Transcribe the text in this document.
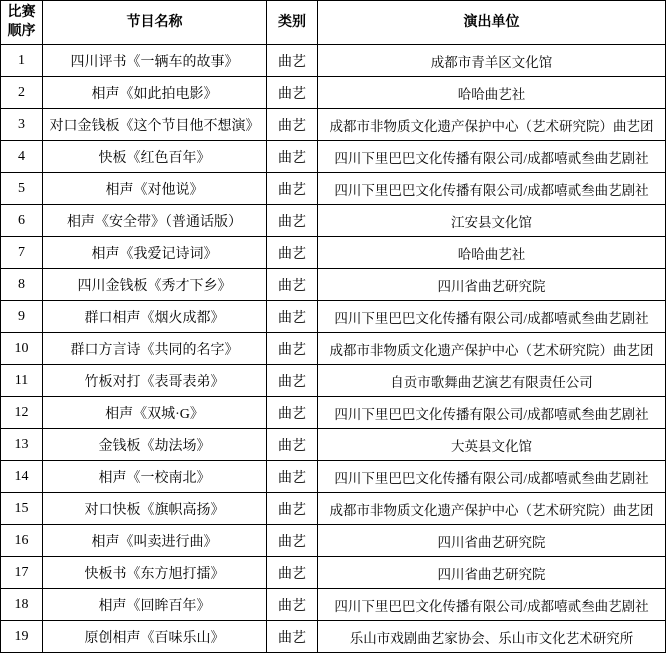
比赛顺序	节目名称	类别	演出单位
1	四川评书《一辆车的故事》	曲艺	成都市青羊区文化馆
2	相声《如此拍电影》	曲艺	哈哈曲艺社
3	对口金钱板《这个节目他不想演》	曲艺	成都市非物质文化遗产保护中心（艺术研究院）曲艺团
4	快板《红色百年》	曲艺	四川下里巴巴文化传播有限公司/成都嘻贰叁曲艺剧社
5	相声《对他说》	曲艺	四川下里巴巴文化传播有限公司/成都嘻贰叁曲艺剧社
6	相声《安全带》（普通话版）	曲艺	江安县文化馆
7	相声《我爱记诗词》	曲艺	哈哈曲艺社
8	四川金钱板《秀才下乡》	曲艺	四川省曲艺研究院
9	群口相声《烟火成都》	曲艺	四川下里巴巴文化传播有限公司/成都嘻贰叁曲艺剧社
10	群口方言诗《共同的名字》	曲艺	成都市非物质文化遗产保护中心（艺术研究院）曲艺团
11	竹板对打《表哥表弟》	曲艺	自贡市歌舞曲艺演艺有限责任公司
12	相声《双城·G》	曲艺	四川下里巴巴文化传播有限公司/成都嘻贰叁曲艺剧社
13	金钱板《劫法场》	曲艺	大英县文化馆
14	相声《一校南北》	曲艺	四川下里巴巴文化传播有限公司/成都嘻贰叁曲艺剧社
15	对口快板《旗帜高扬》	曲艺	成都市非物质文化遗产保护中心（艺术研究院）曲艺团
16	相声《叫卖进行曲》	曲艺	四川省曲艺研究院
17	快板书《东方旭打擂》	曲艺	四川省曲艺研究院
18	相声《回眸百年》	曲艺	四川下里巴巴文化传播有限公司/成都嘻贰叁曲艺剧社
19	原创相声《百味乐山》	曲艺	乐山市戏剧曲艺家协会、乐山市文化艺术研究所
